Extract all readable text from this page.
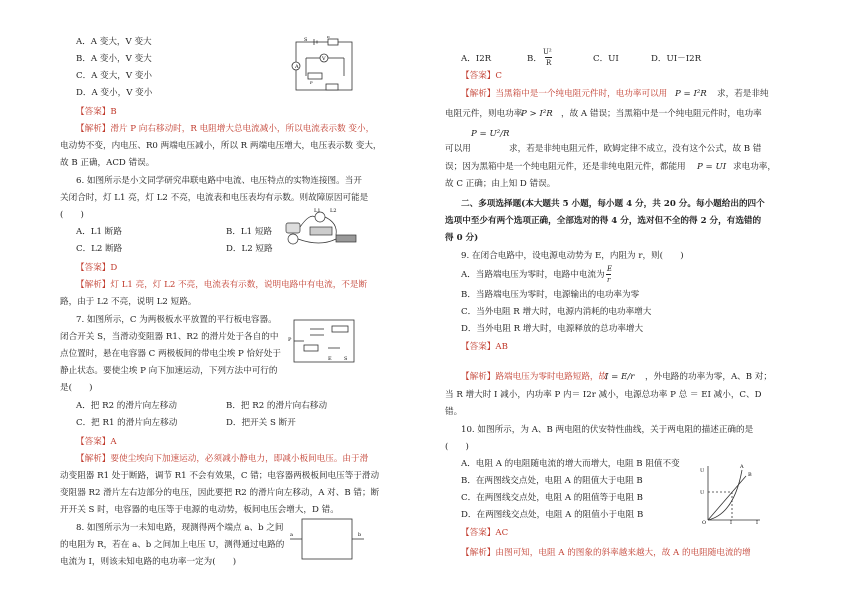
A．A 变大，V 变大
B．A 变小，V 变大
C．A 变大，V 变小
D．A 变小，V 变小
【答案】B
【解析】滑片 P 向右移动时，R 电阻增大总电流减小，所以电流表示数 变小，
电动势不变，内电压、R0 两端电压减小，所以 R 两端电压增大，电压表示数 变大，
故 B 正确，ACD 错误。
6. 如图所示是小文同学研究串联电路中电流、电压特点的实物连接图。当开
关闭合时，灯 L1 亮，灯 L2 不亮，电流表和电压表均有示数。则故障原因可能是
(　　)
A．L1 断路	B．L1 短路
C．L2 断路	D．L2 短路
【答案】D
【解析】灯 L1 亮，灯 L2 不亮，电流表有示数，说明电路中有电流，不是断
路，由于 L2 不亮，说明 L2 短路。
7. 如图所示，C 为两极板水平放置的平行板电容器。
闭合开关 S，当滑动变阻器 R1、R2 的滑片处于各自的中
点位置时，悬在电容器 C 两极板间的带电尘埃 P 恰好处于
静止状态。要使尘埃 P 向下加速运动，下列方法中可行的
是(　　)
A．把 R2 的滑片向左移动	B．把 R2 的滑片向右移动
C．把 R1 的滑片向左移动	D．把开关 S 断开
【答案】A
【解析】要使尘埃向下加速运动，必须减小静电力，即减小板间电压。由于滑
动变阻器 R1 处于断路，调节 R1 不会有效果，C 错；电容器两极板间电压等于滑动
变阻器 R2 滑片左右边部分的电压，因此要把 R2 的滑片向左移动，A 对、B 错；断
开开关 S 时，电容器的电压等于电源的电动势，板间电压会增大，D 错。
8. 如图所示为一未知电路，现测得两个端点 a、b 之间
的电阻为 R，若在 a、b 之间加上电压 U，测得通过电路的
电流为 I，则该未知电路的电功率一定为(　　)
A
V
S
E
P
L1 L2
P
E S
a	b
A．I2R	B．
U²
R	C．UI	D．UI－I2R
【答案】C
【解析】当黑箱中是一个纯电阻元件时，电功率可以用 P = I²R 求，若是非纯
电阻元件，则电功率
P > I²R ，故 A 错误；当黑箱中是一个纯电阻元件时，电功率
P = U²/R
可以用	求，若是非纯电阻元件，欧姆定律不成立，没有这个公式，故 B 错
误；因为黑箱中是一个纯电阻元件，还是非纯电阻元件，都能用 P = UI 求电功率，
故 C 正确；由上知 D 错误。
二、多项选择题(本大题共 5 小题，每小题 4 分，共 20 分。每小题给出的四个
选项中至少有两个选项正确，全部选对的得 4 分，选对但不全的得 2 分，有选错的
得 0 分)
9. 在闭合电路中，设电源电动势为 E，内阻为 r，则(　　)
A．当路端电压为零时，电路中电流为
E
r
B．当路端电压为零时，电源输出的电功率为零
C．当外电阻 R 增大时，电源内消耗的电功率增大
D．当外电阻 R 增大时，电源释放的总功率增大
【答案】AB
【解析】路端电压为零时电路短路，故
I = E/r ，外电路的功率为零，A、B 对；
当 R 增大时 I 减小，内功率 P 内＝ I2r 减小，电源总功率 P 总 ＝ EI 减小，C、D
错。
10. 如图所示，为 A、B 两电阻的伏安特性曲线，关于两电阻的描述正确的是
(　　)
A．电阻 A 的电阻随电流的增大而增大，电阻 B 阻值不变
B．在两图线交点处，电阻 A 的阻值大于电阻 B
C．在两图线交点处，电阻 A 的阻值等于电阻 B
D．在两图线交点处，电阻 A 的阻值小于电阻 B
【答案】AC
【解析】由图可知，电阻 A 的图象的斜率越来越大，故 A 的电阻随电流的增
U
A
B
U
I	I
O
